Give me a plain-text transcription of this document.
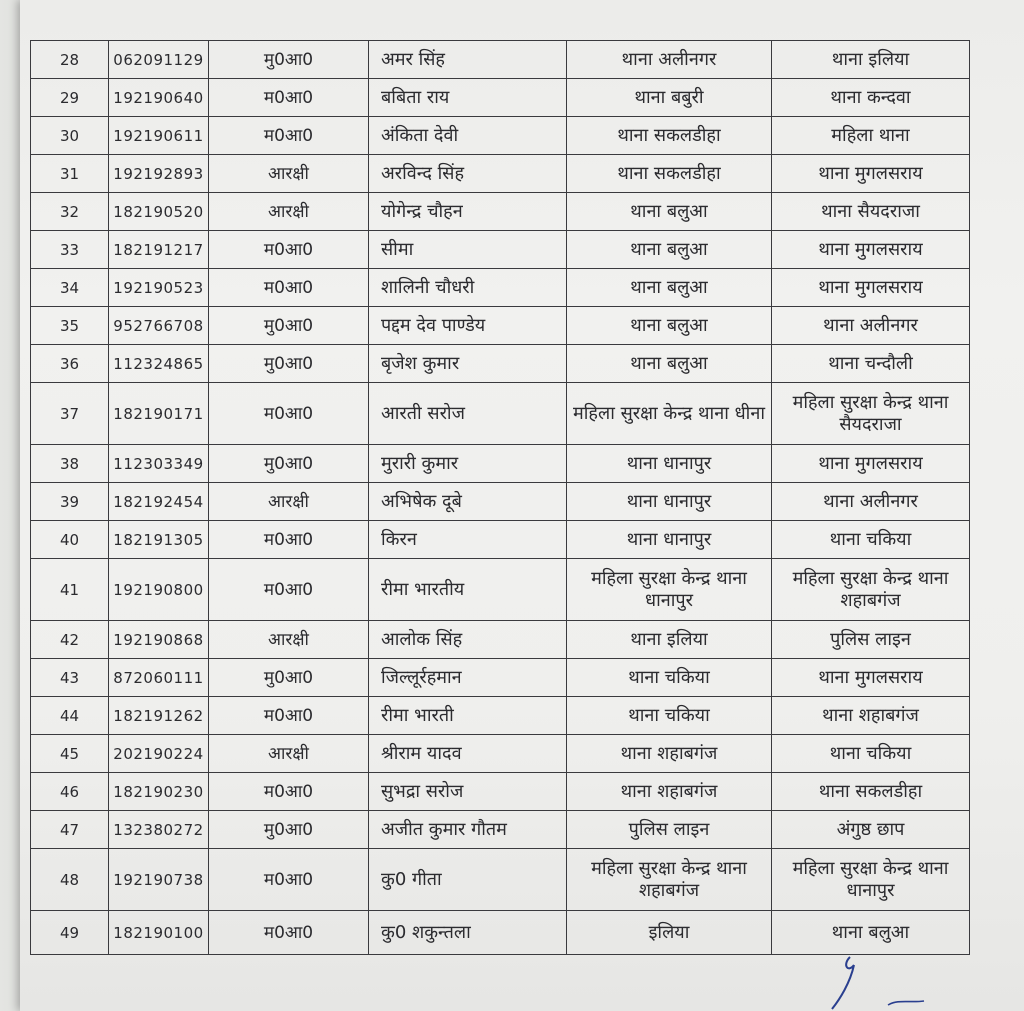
28	062091129	मु0आ0	अमर सिंह	थाना अलीनगर	थाना इलिया
29	192190640	म0आ0	बबिता राय	थाना बबुरी	थाना कन्दवा
30	192190611	म0आ0	अंकिता देवी	थाना सकलडीहा	महिला थाना
31	192192893	आरक्षी	अरविन्द सिंह	थाना सकलडीहा	थाना मुगलसराय
32	182190520	आरक्षी	योगेन्द्र चौहन	थाना बलुआ	थाना सैयदराजा
33	182191217	म0आ0	सीमा	थाना बलुआ	थाना मुगलसराय
34	192190523	म0आ0	शालिनी चौधरी	थाना बलुआ	थाना मुगलसराय
35	952766708	मु0आ0	पद्दम देव पाण्डेय	थाना बलुआ	थाना अलीनगर
36	112324865	मु0आ0	बृजेश कुमार	थाना बलुआ	थाना चन्दौली
37	182190171	म0आ0	आरती सरोज	महिला सुरक्षा केन्द्र थाना धीना	महिला सुरक्षा केन्द्र थाना सैयदराजा
38	112303349	मु0आ0	मुरारी कुमार	थाना धानापुर	थाना मुगलसराय
39	182192454	आरक्षी	अभिषेक दूबे	थाना धानापुर	थाना अलीनगर
40	182191305	म0आ0	किरन	थाना धानापुर	थाना चकिया
41	192190800	म0आ0	रीमा भारतीय	महिला सुरक्षा केन्द्र थाना धानापुर	महिला सुरक्षा केन्द्र थाना शहाबगंज
42	192190868	आरक्षी	आलोक सिंह	थाना इलिया	पुलिस लाइन
43	872060111	मु0आ0	जिल्लूर्रहमान	थाना चकिया	थाना मुगलसराय
44	182191262	म0आ0	रीमा भारती	थाना चकिया	थाना शहाबगंज
45	202190224	आरक्षी	श्रीराम यादव	थाना शहाबगंज	थाना चकिया
46	182190230	म0आ0	सुभद्रा सरोज	थाना शहाबगंज	थाना सकलडीहा
47	132380272	मु0आ0	अजीत कुमार गौतम	पुलिस लाइन	अंगुष्ठ छाप
48	192190738	म0आ0	कु0 गीता	महिला सुरक्षा केन्द्र थाना शहाबगंज	महिला सुरक्षा केन्द्र थाना धानापुर
49	182190100	म0आ0	कु0 शकुन्तला	इलिया	थाना बलुआ
